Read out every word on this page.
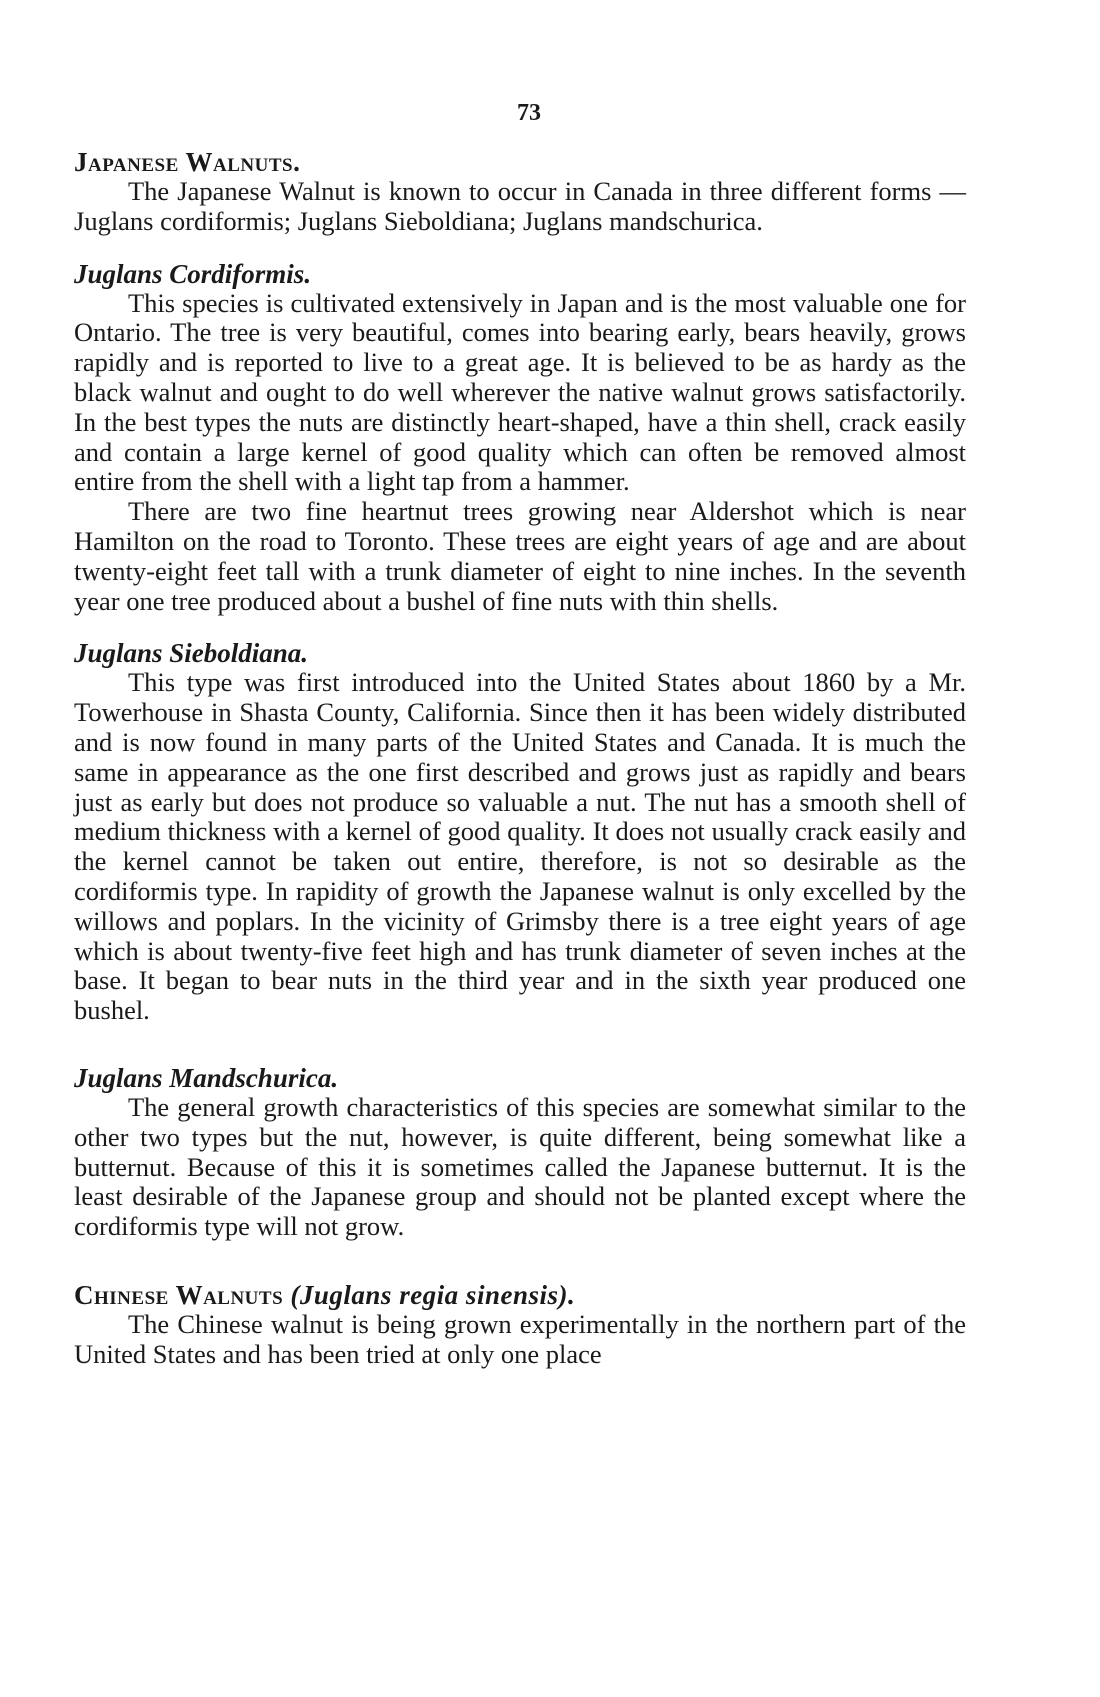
73
Japanese Walnuts.

The Japanese Walnut is known to occur in Canada in three different forms — Juglans cordiformis; Juglans Sieboldiana; Juglans mandschurica.

Juglans Cordiformis.

This species is cultivated extensively in Japan and is the most valuable one for Ontario. The tree is very beautiful, comes into bearing early, bears heavily, grows rapidly and is reported to live to a great age. It is believed to be as hardy as the black walnut and ought to do well wherever the native walnut grows satisfactorily. In the best types the nuts are distinctly heart-shaped, have a thin shell, crack easily and contain a large kernel of good quality which can often be removed almost entire from the shell with a light tap from a hammer.

There are two fine heartnut trees growing near Aldershot which is near Hamilton on the road to Toronto. These trees are eight years of age and are about twenty-eight feet tall with a trunk diameter of eight to nine inches. In the seventh year one tree produced about a bushel of fine nuts with thin shells.

Juglans Sieboldiana.

This type was first introduced into the United States about 1860 by a Mr. Towerhouse in Shasta County, California. Since then it has been widely distributed and is now found in many parts of the United States and Canada. It is much the same in appearance as the one first described and grows just as rapidly and bears just as early but does not produce so valuable a nut. The nut has a smooth shell of medium thickness with a kernel of good quality. It does not usually crack easily and the kernel cannot be taken out entire, therefore, is not so desirable as the cordiformis type. In rapidity of growth the Japanese walnut is only excelled by the willows and poplars. In the vicinity of Grimsby there is a tree eight years of age which is about twenty-five feet high and has trunk diameter of seven inches at the base. It began to bear nuts in the third year and in the sixth year produced one bushel.

Juglans Mandschurica.

The general growth characteristics of this species are somewhat similar to the other two types but the nut, however, is quite different, being somewhat like a butternut. Because of this it is sometimes called the Japanese butternut. It is the least desirable of the Japanese group and should not be planted except where the cordiformis type will not grow.

Chinese Walnuts (Juglans regia sinensis).

The Chinese walnut is being grown experimentally in the northern part of the United States and has been tried at only one place
